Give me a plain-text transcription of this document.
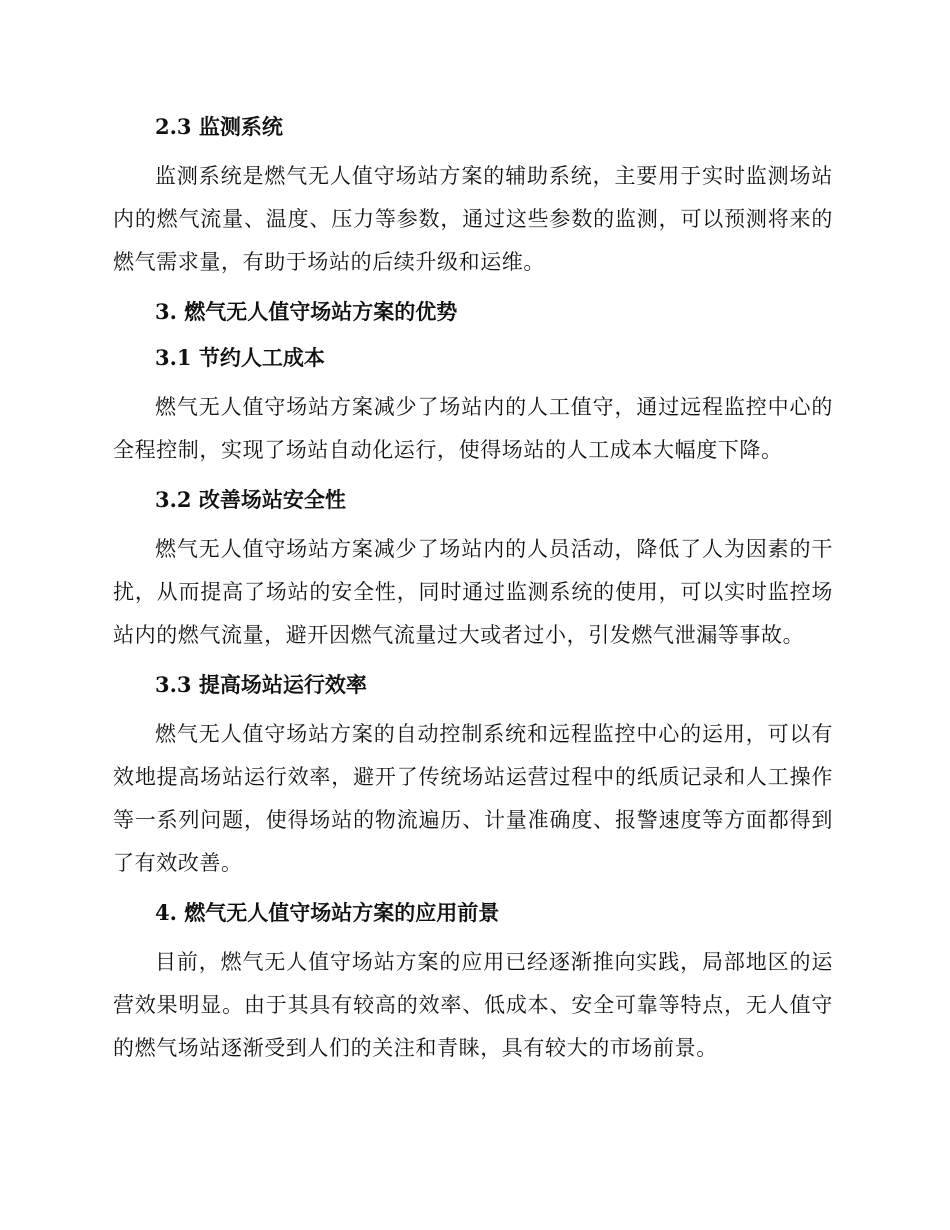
2.3 监测系统
监测系统是燃气无人值守场站方案的辅助系统，主要用于实时监测场站内的燃气流量、温度、压力等参数，通过这些参数的监测，可以预测将来的燃气需求量，有助于场站的后续升级和运维。
3. 燃气无人值守场站方案的优势
3.1 节约人工成本
燃气无人值守场站方案减少了场站内的人工值守，通过远程监控中心的全程控制，实现了场站自动化运行，使得场站的人工成本大幅度下降。
3.2 改善场站安全性
燃气无人值守场站方案减少了场站内的人员活动，降低了人为因素的干扰，从而提高了场站的安全性，同时通过监测系统的使用，可以实时监控场站内的燃气流量，避开因燃气流量过大或者过小，引发燃气泄漏等事故。
3.3 提高场站运行效率
燃气无人值守场站方案的自动控制系统和远程监控中心的运用，可以有效地提高场站运行效率，避开了传统场站运营过程中的纸质记录和人工操作等一系列问题，使得场站的物流遍历、计量准确度、报警速度等方面都得到了有效改善。
4. 燃气无人值守场站方案的应用前景
目前，燃气无人值守场站方案的应用已经逐渐推向实践，局部地区的运营效果明显。由于其具有较高的效率、低成本、安全可靠等特点，无人值守的燃气场站逐渐受到人们的关注和青睐，具有较大的市场前景。
